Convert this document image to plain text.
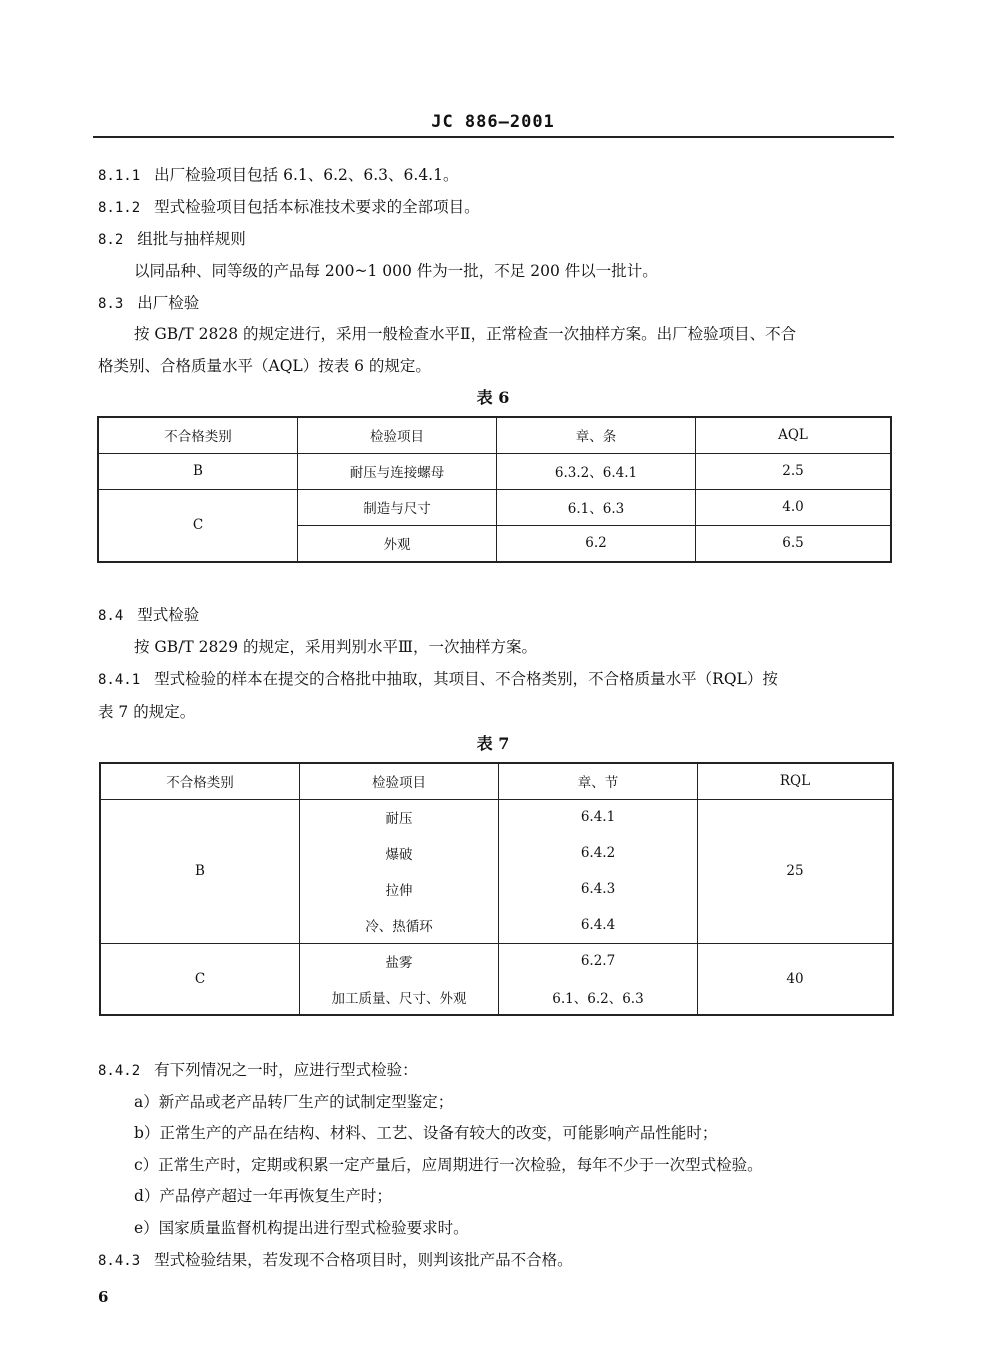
JC 886—2001
8.1.1 出厂检验项目包括 6.1、6.2、6.3、6.4.1。
8.1.2 型式检验项目包括本标准技术要求的全部项目。
8.2 组批与抽样规则
以同品种、同等级的产品每 200~1 000 件为一批，不足 200 件以一批计。
8.3 出厂检验
按 GB/T 2828 的规定进行，采用一般检查水平Ⅱ，正常检查一次抽样方案。出厂检验项目、不合
格类别、合格质量水平（AQL）按表 6 的规定。
表 6
不合格类别	检验项目	章、条	AQL
B	耐压与连接螺母	6.3.2、6.4.1	2.5
C	制造与尺寸	6.1、6.3	4.0
	外观	6.2	6.5
8.4 型式检验
按 GB/T 2829 的规定，采用判别水平Ⅲ，一次抽样方案。
8.4.1 型式检验的样本在提交的合格批中抽取，其项目、不合格类别，不合格质量水平（RQL）按
表 7 的规定。
表 7
不合格类别	检验项目	章、节	RQL
B	耐压	6.4.1	25
	爆破	6.4.2	
	拉伸	6.4.3	
	冷、热循环	6.4.4	
C	盐雾	6.2.7	40
	加工质量、尺寸、外观	6.1、6.2、6.3	
8.4.2 有下列情况之一时，应进行型式检验：
a）新产品或老产品转厂生产的试制定型鉴定；
b）正常生产的产品在结构、材料、工艺、设备有较大的改变，可能影响产品性能时；
c）正常生产时，定期或积累一定产量后，应周期进行一次检验，每年不少于一次型式检验。
d）产品停产超过一年再恢复生产时；
e）国家质量监督机构提出进行型式检验要求时。
8.4.3 型式检验结果，若发现不合格项目时，则判该批产品不合格。
6
